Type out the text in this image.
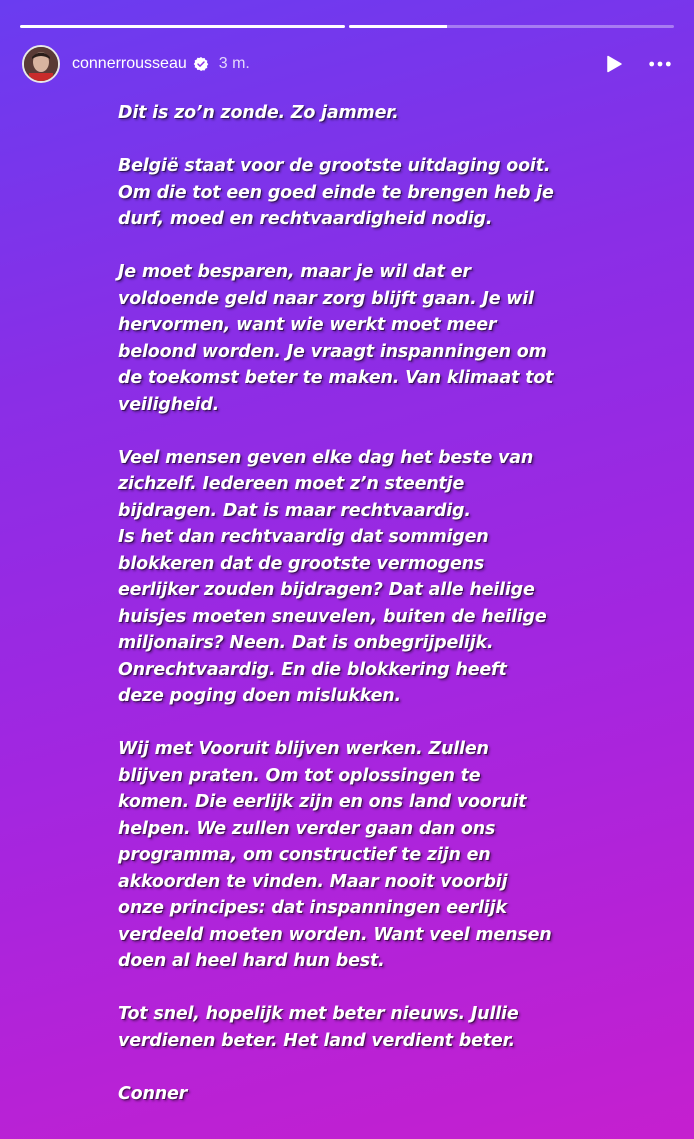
connerrousseau 3 m.

Dit is zo’n zonde. Zo jammer.

België staat voor de grootste uitdaging ooit.
Om die tot een goed einde te brengen heb je
durf, moed en rechtvaardigheid nodig.

Je moet besparen, maar je wil dat er
voldoende geld naar zorg blijft gaan. Je wil
hervormen, want wie werkt moet meer
beloond worden. Je vraagt inspanningen om
de toekomst beter te maken. Van klimaat tot
veiligheid.

Veel mensen geven elke dag het beste van
zichzelf. Iedereen moet z’n steentje
bijdragen. Dat is maar rechtvaardig.
Is het dan rechtvaardig dat sommigen
blokkeren dat de grootste vermogens
eerlijker zouden bijdragen? Dat alle heilige
huisjes moeten sneuvelen, buiten de heilige
miljonairs? Neen. Dat is onbegrijpelijk.
Onrechtvaardig. En die blokkering heeft
deze poging doen mislukken.

Wij met Vooruit blijven werken. Zullen
blijven praten. Om tot oplossingen te
komen. Die eerlijk zijn en ons land vooruit
helpen. We zullen verder gaan dan ons
programma, om constructief te zijn en
akkoorden te vinden. Maar nooit voorbij
onze principes: dat inspanningen eerlijk
verdeeld moeten worden. Want veel mensen
doen al heel hard hun best.

Tot snel, hopelijk met beter nieuws. Jullie
verdienen beter. Het land verdient beter.

Conner
